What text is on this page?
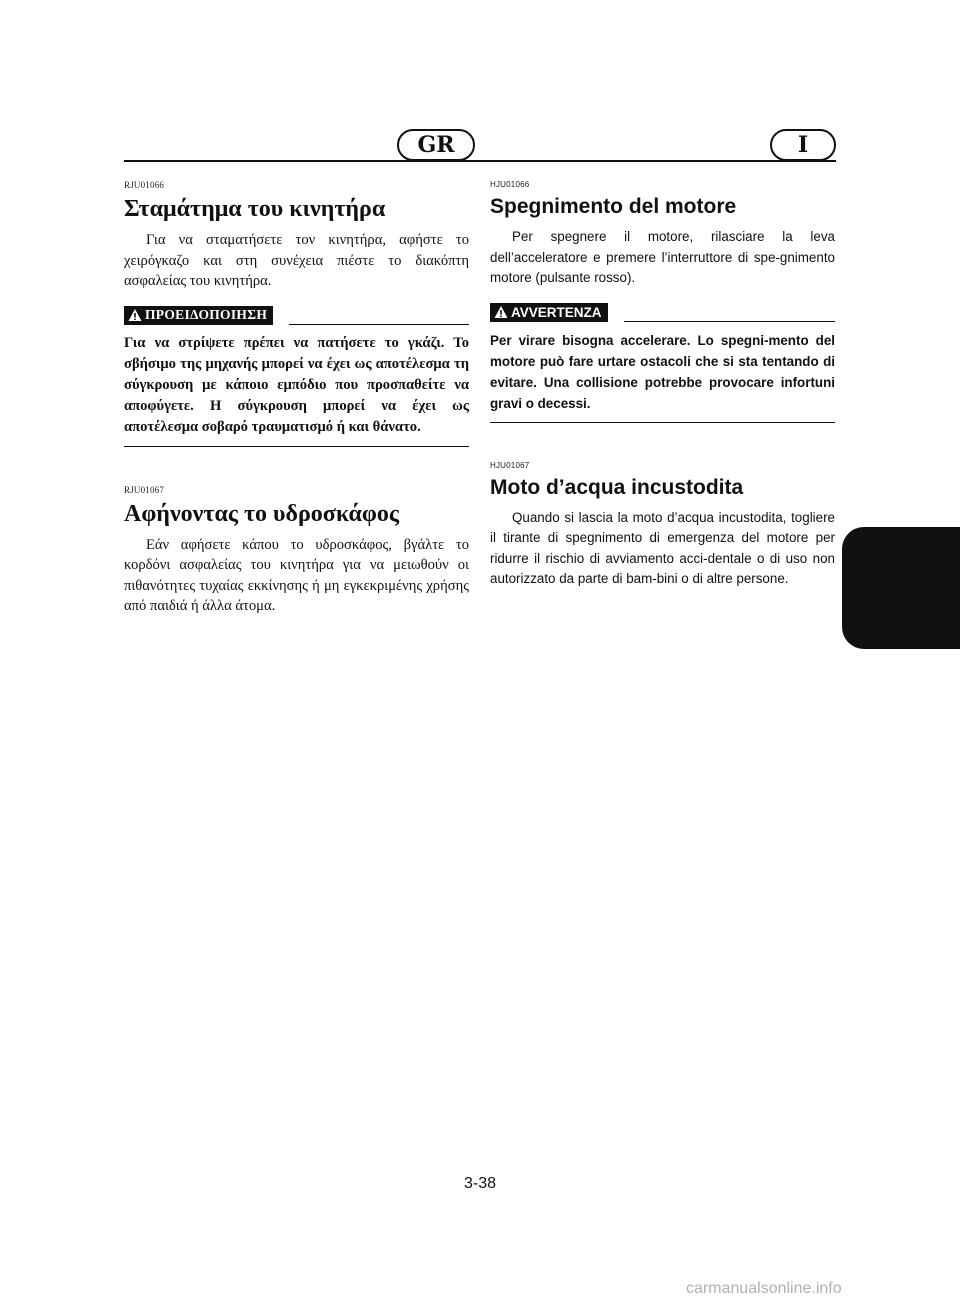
GR	I
RJU01066
Σταμάτημα του κινητήρα

Για να σταματήσετε τον κινητήρα, αφήστε το χειρόγκαζο και στη συνέχεια πιέστε το διακόπτη ασφαλείας του κινητήρα.

ΠΡΟΕΙΔΟΠΟΙΗΣΗ
Για να στρίψετε πρέπει να πατήσετε το γκάζι. Το σβήσιμο της μηχανής μπορεί να έχει ως αποτέλεσμα τη σύγκρουση με κάποιο εμπόδιο που προσπαθείτε να αποφύγετε. Η σύγκρουση μπορεί να έχει ως αποτέλεσμα σοβαρό τραυματισμό ή και θάνατο.
RJU01067
Αφήνοντας το υδροσκάφος

Εάν αφήσετε κάπου το υδροσκάφος, βγάλτε το κορδόνι ασφαλείας του κινητήρα για να μειωθούν οι πιθανότητες τυχαίας εκκίνησης ή μη εγκεκριμένης χρήσης από παιδιά ή άλλα άτομα.

HJU01066
Spegnimento del motore

Per spegnere il motore, rilasciare la leva dell’acceleratore e premere l’interruttore di spe-gnimento motore (pulsante rosso).

AVVERTENZA
Per virare bisogna accelerare. Lo spegni-mento del motore può fare urtare ostacoli che si sta tentando di evitare. Una collisione potrebbe provocare infortuni gravi o decessi.
HJU01067
Moto d’acqua incustodita

Quando si lascia la moto d’acqua incustodita, togliere il tirante di spegnimento di emergenza del motore per ridurre il rischio di avviamento acci-dentale o di uso non autorizzato da parte di bam-bini o di altre persone.

3-38
carmanualsonline.info
